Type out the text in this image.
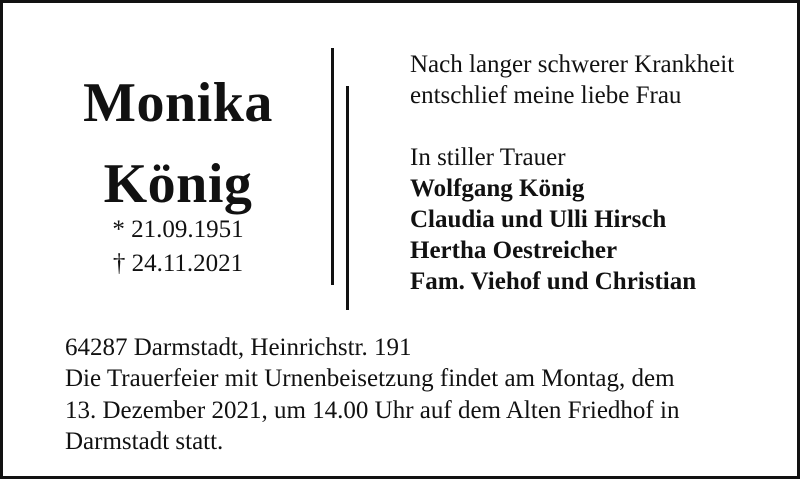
Monika
König
* 21.09.1951
† 24.11.2021
Nach langer schwerer Krankheit
entschlief meine liebe Frau
In stiller Trauer
Wolfgang König
Claudia und Ulli Hirsch
Hertha Oestreicher
Fam. Viehof und Christian
64287 Darmstadt, Heinrichstr. 191
Die Trauerfeier mit Urnenbeisetzung findet am Montag, dem
13. Dezember 2021, um 14.00 Uhr auf dem Alten Friedhof in
Darmstadt statt.
